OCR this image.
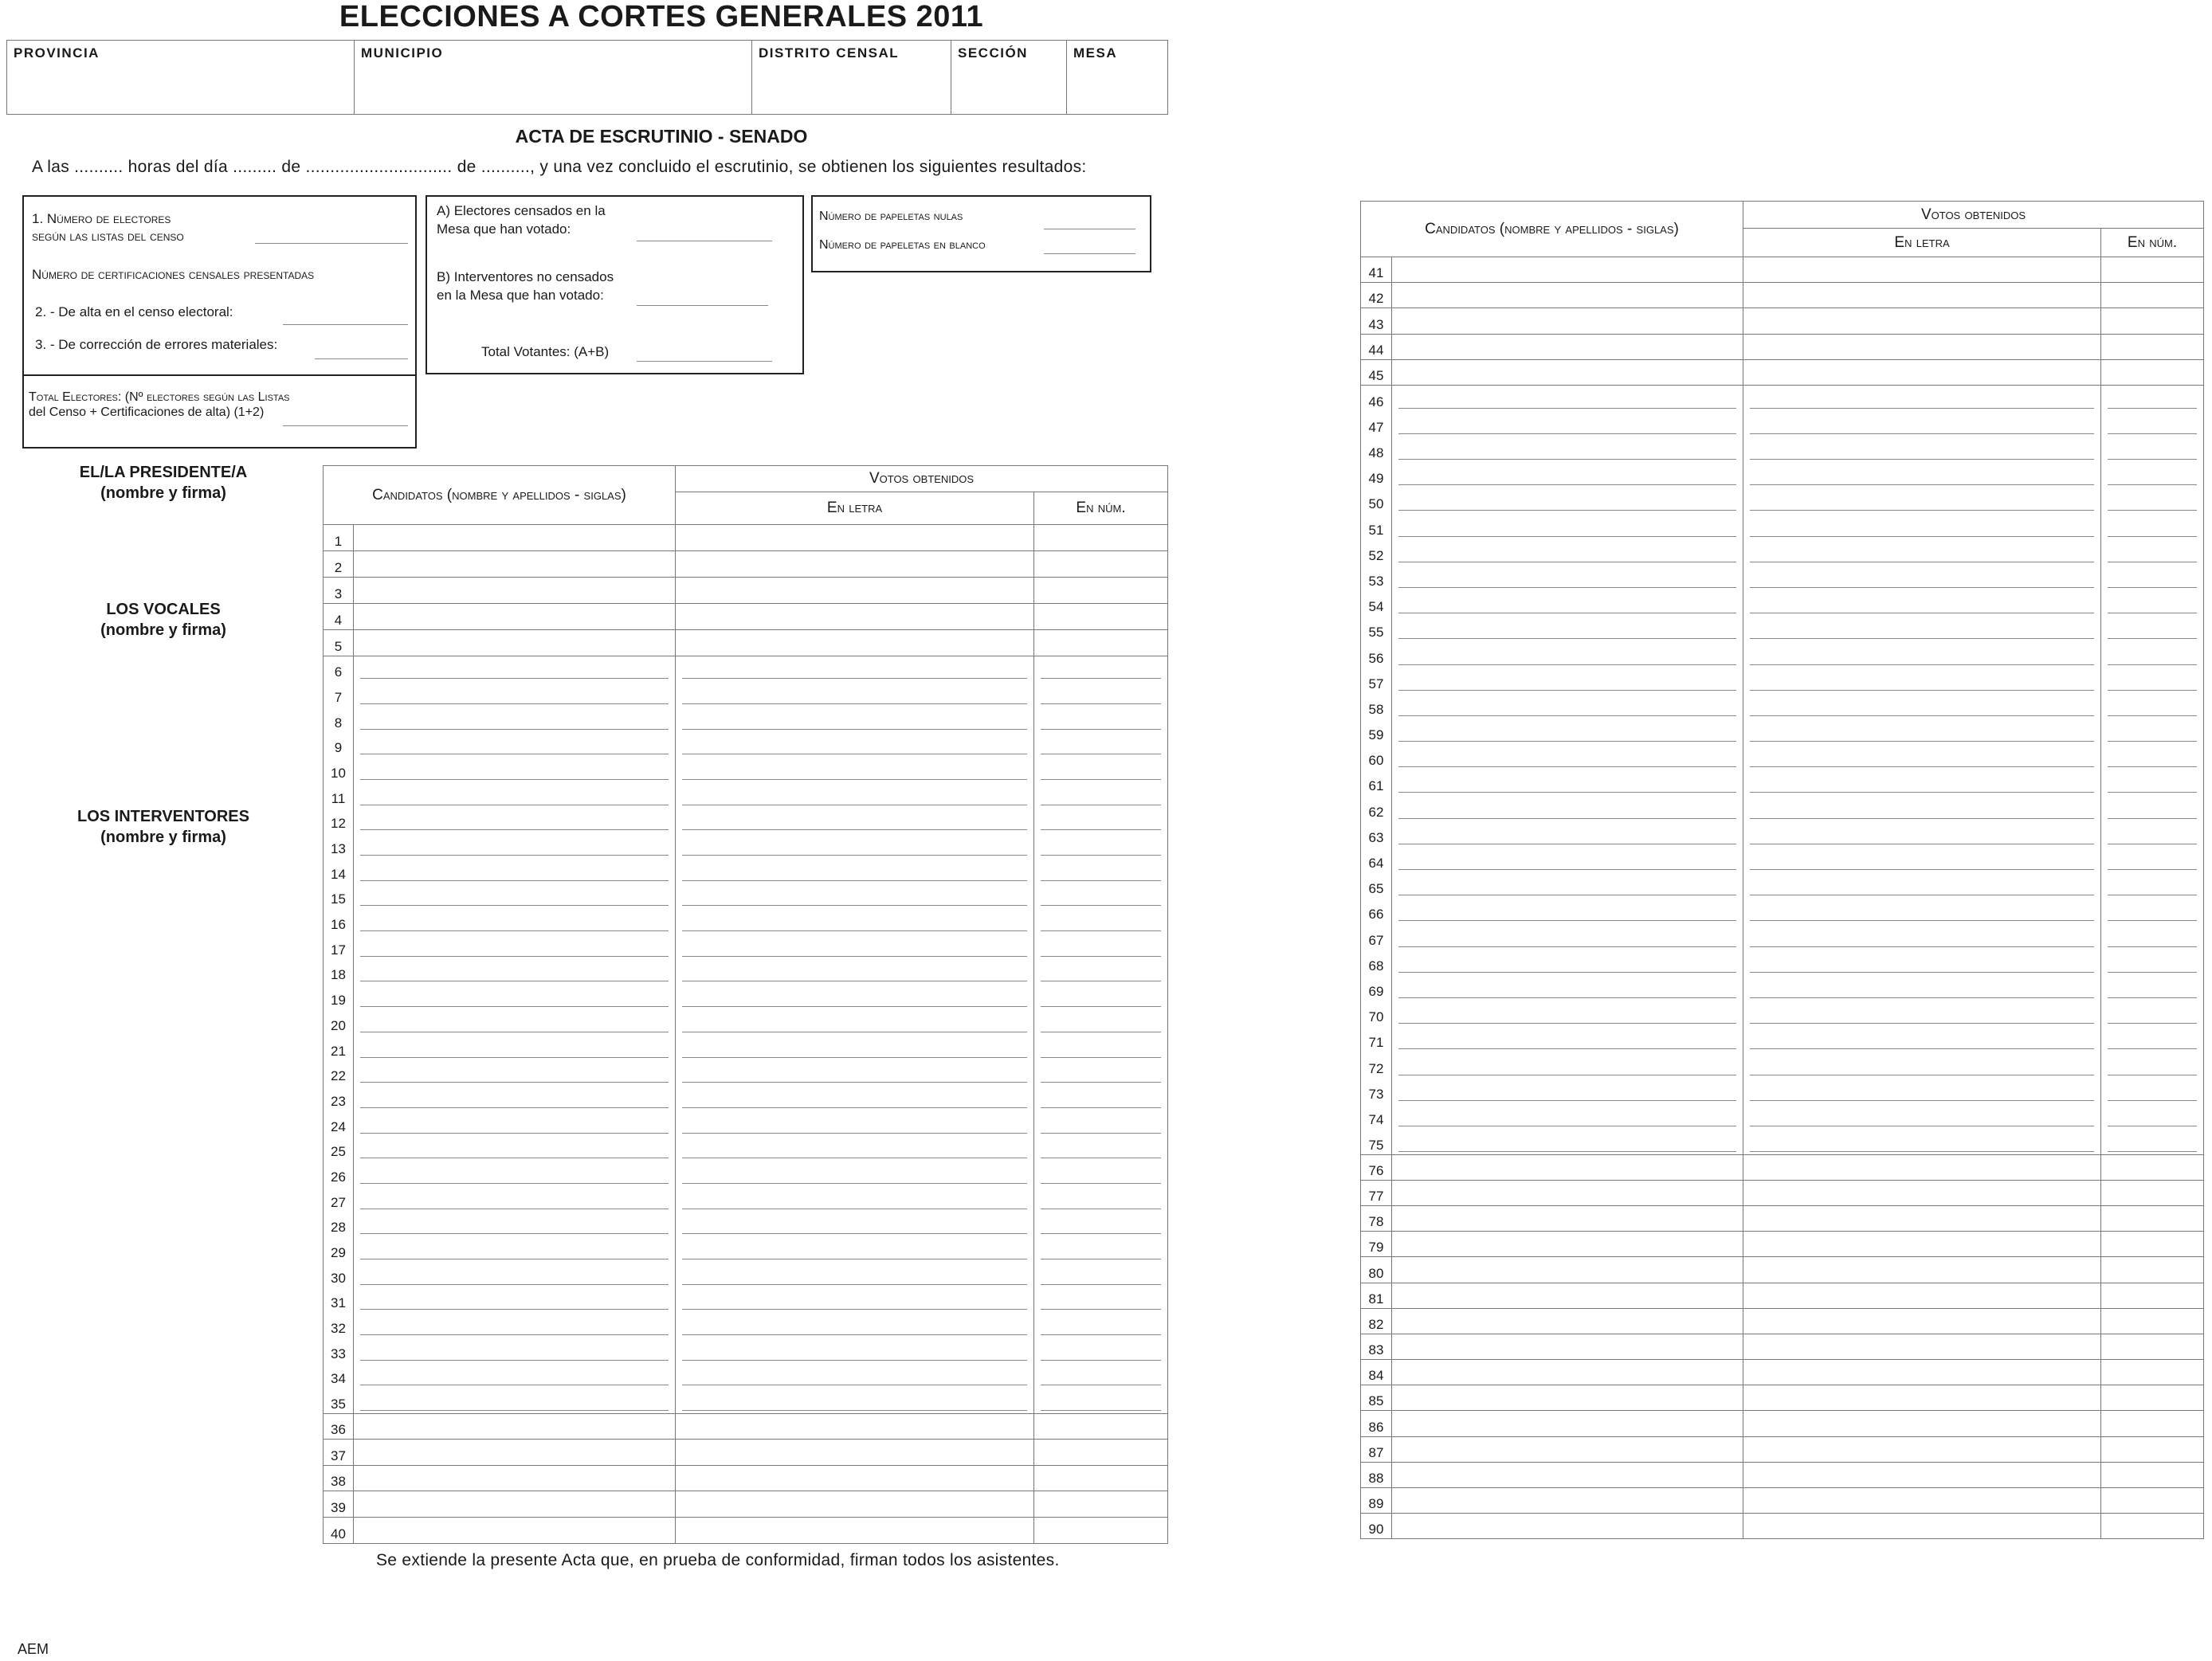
ELECCIONES A CORTES GENERALES 2011
PROVINCIA	MUNICIPIO	DISTRITO CENSAL	SECCIÓN	MESA
ACTA DE ESCRUTINIO - SENADO
A las .......... horas del día ......... de .............................. de .........., y una vez concluido el escrutinio, se obtienen los siguientes resultados:
1. Número de electores
según las listas del censo
Número de certificaciones censales presentadas
2. - De alta en el censo electoral:
3. - De corrección de errores materiales:
Total Electores: (Nº electores según las Listas
del Censo + Certificaciones de alta) (1+2)
A) Electores censados en la
Mesa que han votado:
B) Interventores no censados
en la Mesa que han votado:
Total Votantes: (A+B)
Número de papeletas nulas
Número de papeletas en blanco
EL/LA PRESIDENTE/A
(nombre y firma)
LOS VOCALES
(nombre y firma)
LOS INTERVENTORES
(nombre y firma)
Candidatos (nombre y apellidos - siglas)		Votos obtenidos	
		En letra	En núm.
1			
2			
3			
4			
5			
6			
7			
8			
9			
10			
11			
12			
13			
14			
15			
16			
17			
18			
19			
20			
21			
22			
23			
24			
25			
26			
27			
28			
29			
30			
31			
32			
33			
34			
35			
36			
37			
38			
39			
40			
Candidatos (nombre y apellidos - siglas)		Votos obtenidos	
		En letra	En núm.
41			
42			
43			
44			
45			
46			
47			
48			
49			
50			
51			
52			
53			
54			
55			
56			
57			
58			
59			
60			
61			
62			
63			
64			
65			
66			
67			
68			
69			
70			
71			
72			
73			
74			
75			
76			
77			
78			
79			
80			
81			
82			
83			
84			
85			
86			
87			
88			
89			
90			
Se extiende la presente Acta que, en prueba de conformidad, firman todos los asistentes.
AEM
